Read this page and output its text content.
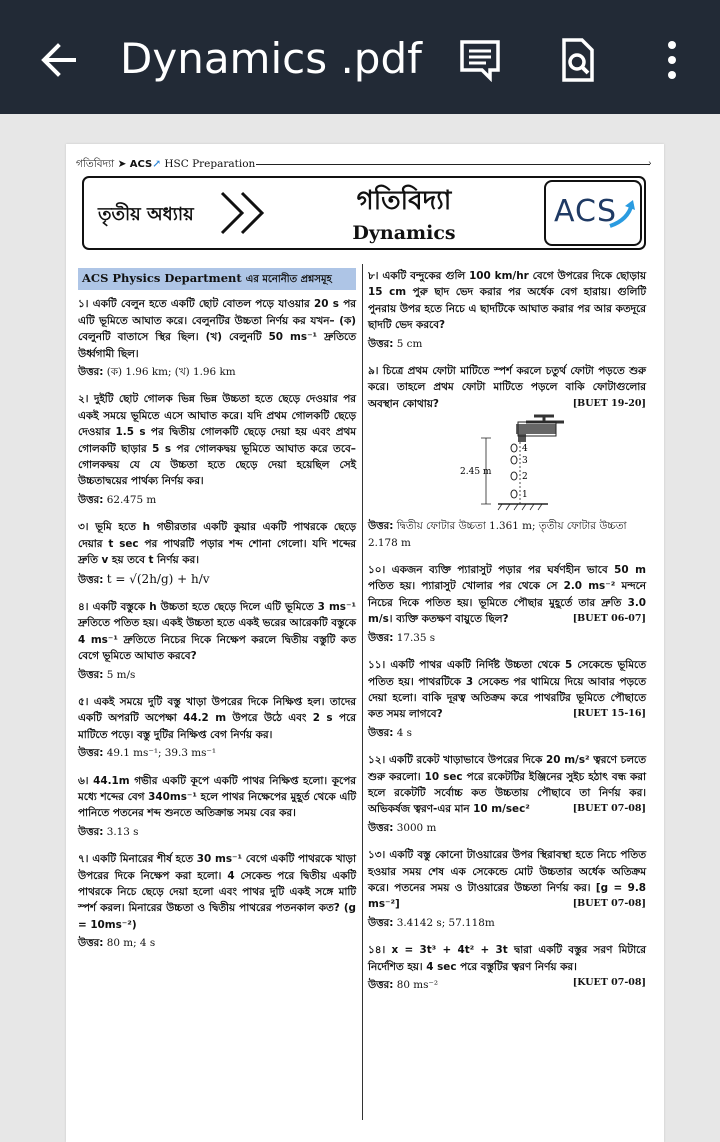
Dynamics .pdf
গতিবিদ্যা ➤ ACS↗ HSC Preparation	›
তৃতীয় অধ্যায়	গতিবিদ্যা
Dynamics
ACS
ACS Physics Department এর মনোনীত প্রশ্নসমূহ
১। একটি বেলুন হতে একটি ছোট বোতল পড়ে যাওয়ার 20 s পর এটি ভূমিতে আঘাত করে। বেলুনটির উচ্চতা নির্ণয় কর যখন– (ক) বেলুনটি বাতাসে স্থির ছিল। (খ) বেলুনটি 50 ms⁻¹ দ্রুতিতে উর্ধ্বগামী ছিল।
উত্তর: (ক) 1.96 km; (খ) 1.96 km
২। দুইটি ছোট গোলক ভিন্ন ভিন্ন উচ্চতা হতে ছেড়ে দেওয়ার পর একই সময়ে ভূমিতে এসে আঘাত করে। যদি প্রথম গোলকটি ছেড়ে দেওয়ার 1.5 s পর দ্বিতীয় গোলকটি ছেড়ে দেয়া হয় এবং প্রথম গোলকটি ছাড়ার 5 s পর গোলকদ্বয় ভূমিতে আঘাত করে তবে– গোলকদ্বয় যে যে উচ্চতা হতে ছেড়ে দেয়া হয়েছিল সেই উচ্চতাদ্বয়ের পার্থক্য নির্ণয় কর।
উত্তর: 62.475 m
৩। ভূমি হতে h গভীরতার একটি কুয়ার একটি পাথরকে ছেড়ে দেয়ার t sec পর পাথরটি পড়ার শব্দ শোনা গেলো। যদি শব্দের দ্রুতি v হয় তবে t নির্ণয় কর।
উত্তর: t = √(2h/g) + h/v
৪। একটি বস্তুকে h উচ্চতা হতে ছেড়ে দিলে এটি ভূমিতে 3 ms⁻¹ দ্রুতিতে পতিত হয়। একই উচ্চতা হতে একই ভরের আরেকটি বস্তুকে 4 ms⁻¹ দ্রুতিতে নিচের দিকে নিক্ষেপ করলে দ্বিতীয় বস্তুটি কত বেগে ভূমিতে আঘাত করবে?
উত্তর: 5 m/s
৫। একই সময়ে দুটি বস্তু খাড়া উপরের দিকে নিক্ষিপ্ত হল। তাদের একটি অপরটি অপেক্ষা 44.2 m উপরে উঠে এবং 2 s পরে মাটিতে পড়ে। বস্তু দুটির নিক্ষিপ্ত বেগ নির্ণয় কর।
উত্তর: 49.1 ms⁻¹; 39.3 ms⁻¹
৬। 44.1m গভীর একটি কূপে একটি পাথর নিক্ষিপ্ত হলো। কূপের মধ্যে শব্দের বেগ 340ms⁻¹ হলে পাথর নিক্ষেপের মুহূর্ত থেকে এটি পানিতে পতনের শব্দ শুনতে অতিক্রান্ত সময় বের কর।
উত্তর: 3.13 s
৭। একটি মিনারের শীর্ষ হতে 30 ms⁻¹ বেগে একটি পাথরকে খাড়া উপরের দিকে নিক্ষেপ করা হলো। 4 সেকেন্ড পরে দ্বিতীয় একটি পাথরকে নিচে ছেড়ে দেয়া হলো এবং পাথর দুটি একই সঙ্গে মাটি স্পর্শ করল। মিনারের উচ্চতা ও দ্বিতীয় পাথরের পতনকাল কত? (g = 10ms⁻²)
উত্তর: 80 m; 4 s
৮। একটি বন্দুকের গুলি 100 km/hr বেগে উপরের দিকে ছোড়ায় 15 cm পুরু ছাদ ভেদ করার পর অর্ধেক বেগ হারায়। গুলিটি পুনরায় উপর হতে নিচে এ ছাদটিকে আঘাত করার পর আর কতদূরে ছাদটি ভেদ করবে?
উত্তর: 5 cm
৯। চিত্রে প্রথম ফোটা মাটিতে স্পর্শ করলে চতুর্থ ফোটা পড়তে শুরু করে। তাহলে প্রথম ফোটা মাটিতে পড়লে বাকি ফোটাগুলোর অবস্থান কোথায়?	[BUET 19-20]
2.45 m
4
3
2
1
উত্তর: দ্বিতীয় ফোটার উচ্চতা 1.361 m; তৃতীয় ফোটার উচ্চতা 2.178 m
১০। একজন ব্যক্তি প্যারাসুট পড়ার পর ঘর্ষণহীন ভাবে 50 m পতিত হয়। প্যারাসুট খোলার পর থেকে সে 2.0 ms⁻² মন্দনে নিচের দিকে পতিত হয়। ভূমিতে পৌছার মুহূর্তে তার দ্রুতি 3.0 m/s। ব্যক্তি কতক্ষণ বায়ুতে ছিল?	[BUET 06-07]
উত্তর: 17.35 s
১১। একটি পাথর একটি নির্দিষ্ট উচ্চতা থেকে 5 সেকেন্ডে ভূমিতে পতিত হয়। পাথরটিকে 3 সেকেন্ড পর থামিয়ে দিয়ে আবার পড়তে দেয়া হলো। বাকি দূরত্ব অতিক্রম করে পাথরটির ভূমিতে পৌছাতে কত সময় লাগবে?	[RUET 15-16]
উত্তর: 4 s
১২। একটি রকেট খাড়াভাবে উপরের দিকে 20 m/s² ত্বরণে চলতে শুরু করলো। 10 sec পরে রকেটটির ইঞ্জিনের সুইচ হঠাৎ বন্ধ করা হলে রকেটটি সর্বোচ্চ কত উচ্চতায় পৌছাবে তা নির্ণয় কর। অভিকর্ষজ ত্বরণ-এর মান 10 m/sec²	[BUET 07-08]
উত্তর: 3000 m
১৩। একটি বস্তু কোনো টাওয়ারের উপর স্থিরাবস্থা হতে নিচে পতিত হওয়ার সময় শেষ এক সেকেন্ডে মোট উচ্চতার অর্ধেক অতিক্রম করে। পতনের সময় ও টাওয়ারের উচ্চতা নির্ণয় কর। [g = 9.8 ms⁻²]	[BUET 07-08]
উত্তর: 3.4142 s; 57.118m
১৪। x = 3t³ + 4t² + 3t দ্বারা একটি বস্তুর সরণ মিটারে নির্দেশিত হয়। 4 sec পরে বস্তুটির ত্বরণ নির্ণয় কর।
[KUET 07-08]
উত্তর: 80 ms⁻²
